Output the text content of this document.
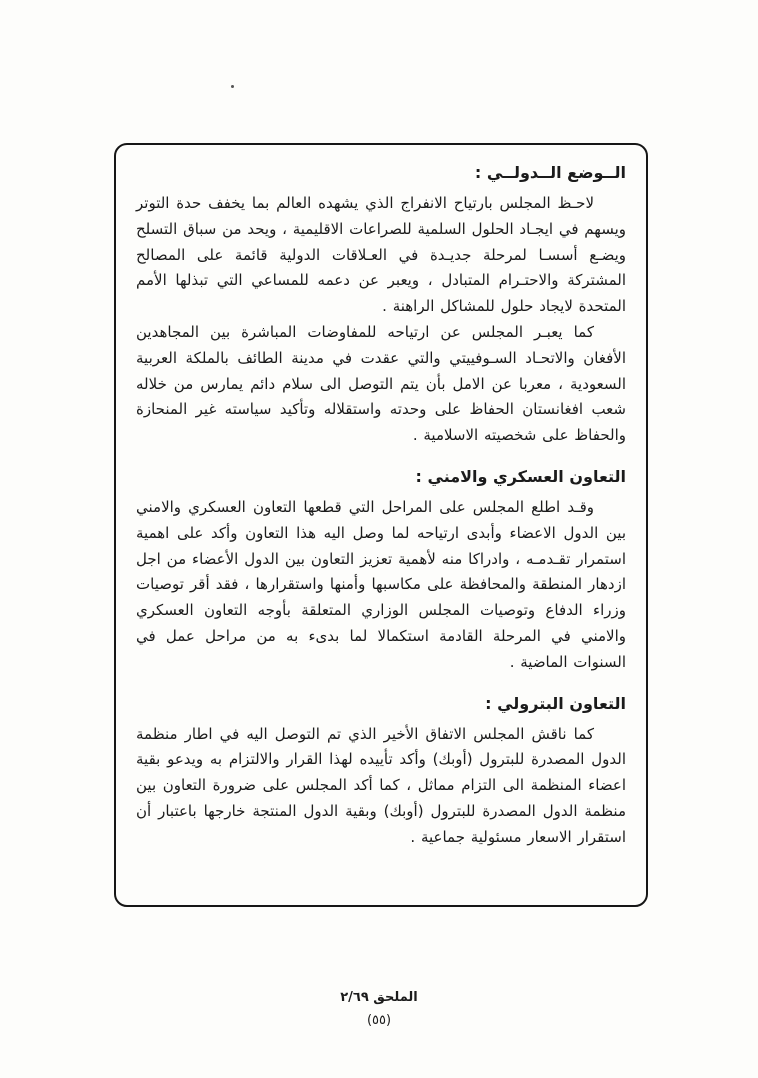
الــوضع الــدولــي :

لاحـظ المجلس بارتياح الانفراج الذي يشهده العالم بما يخفف حدة التوتر ويسهم في ايجـاد الحلول السلمية للصراعات الاقليمية ، ويحد من سباق التسلح ويضـع أسسـا لمرحلة جديـدة في العـلاقات الدولية قائمة على المصالح المشتركة والاحتـرام المتبادل ، ويعبر عن دعمه للمساعي التي تبذلها الأمم المتحدة لايجاد حلول للمشاكل الراهنة .

كما يعبـر المجلس عن ارتياحه للمفاوضات المباشرة بين المجاهدين الأفغان والاتحـاد السـوفييتي والتي عقدت في مدينة الطائف بالملكة العربية السعودية ، معربا عن الامل بأن يتم التوصل الى سلام دائم يمارس من خلاله شعب افغانستان الحفاظ على وحدته واستقلاله وتأكيد سياسته غير المنحازة والحفاظ على شخصيته الاسلامية .

التعاون العسكري والامني :

وقـد اطلع المجلس على المراحل التي قطعها التعاون العسكري والامني بين الدول الاعضاء وأبدى ارتياحه لما وصل اليه هذا التعاون وأكد على اهمية استمرار تقـدمـه ، وادراكا منه لأهمية تعزيز التعاون بين الدول الأعضاء من اجل ازدهار المنطقة والمحافظة على مكاسبها وأمنها واستقرارها ، فقد أقر توصيات وزراء الدفاع وتوصيات المجلس الوزاري المتعلقة بأوجه التعاون العسكري والامني في المرحلة القادمة استكمالا لما بدىء به من مراحل عمل في السنوات الماضية .

التعاون البترولي :

كما ناقش المجلس الاتفاق الأخير الذي تم التوصل اليه في اطار منظمة الدول المصدرة للبترول (أوبك) وأكد تأييده لهذا القرار والالتزام به ويدعو بقية اعضاء المنظمة الى التزام مماثل ، كما أكد المجلس على ضرورة التعاون بين منظمة الدول المصدرة للبترول (أوبك) وبقية الدول المنتجة خارجها باعتبار أن استقرار الاسعار مسئولية جماعية .

الملحق ٢/٦٩
(٥٥)
